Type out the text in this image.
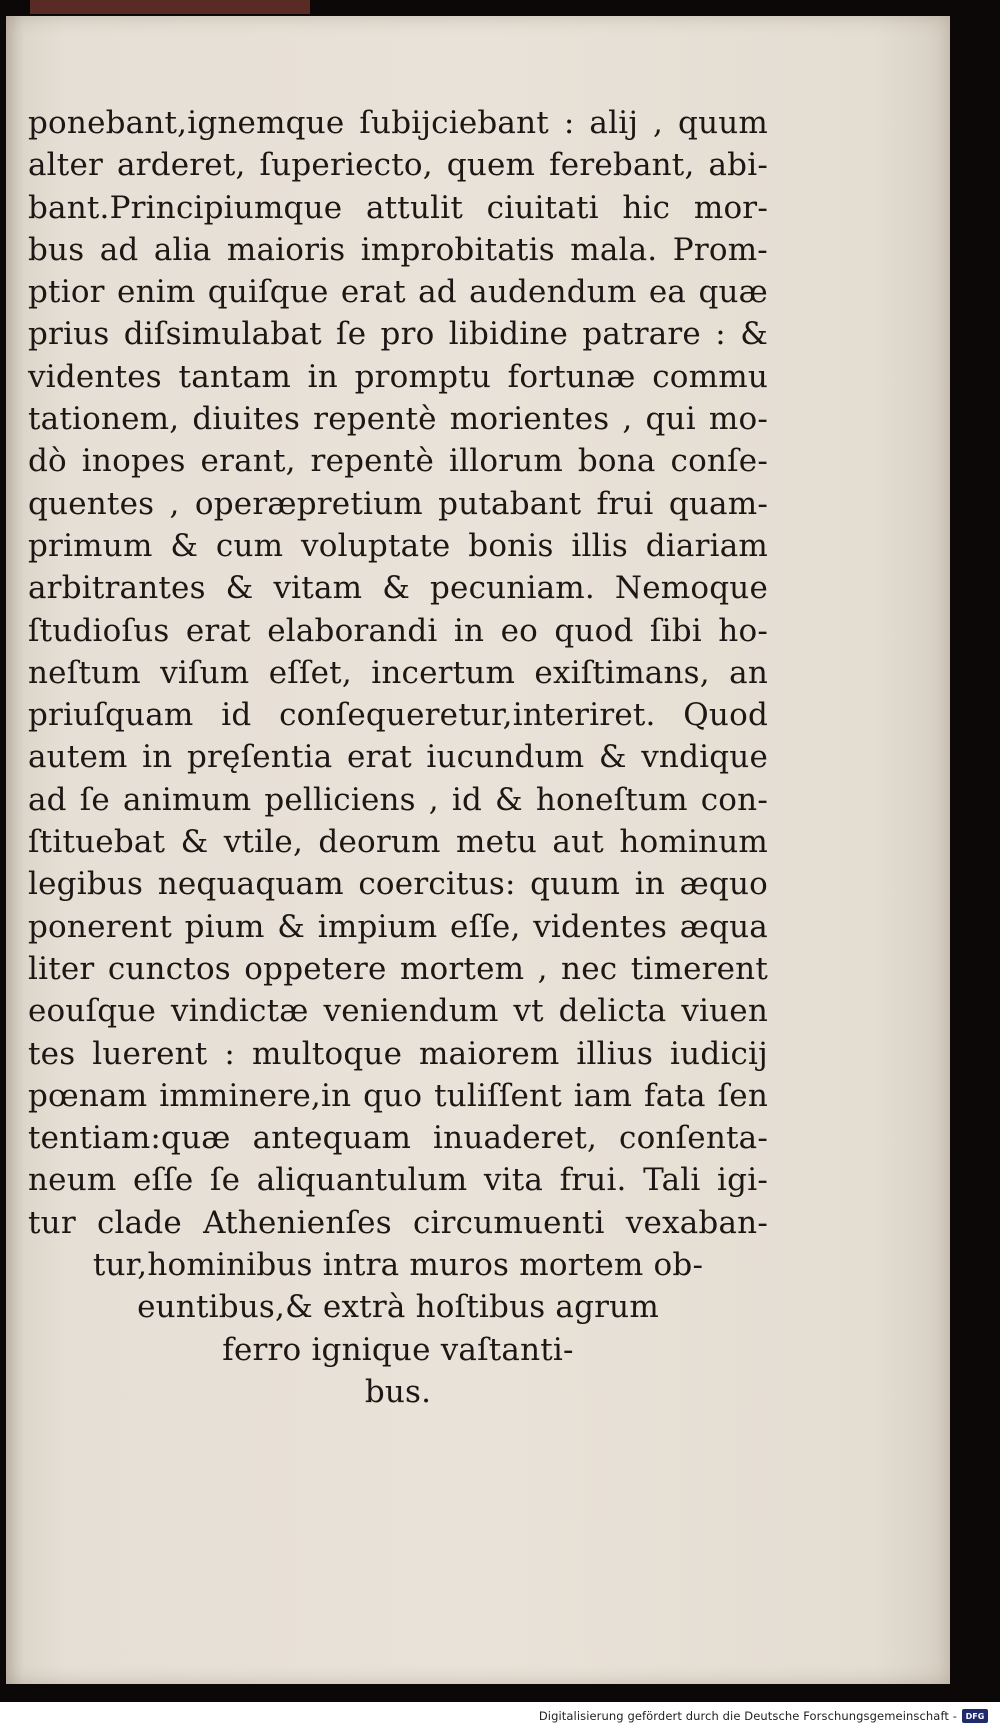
ponebant,ignemque ſubijciebant : alij , quum
alter arderet, ſuperiecto, quem ferebant, abi-
bant.Principiumque attulit ciuitati hic mor-
bus ad alia maioris improbitatis mala. Prom-
ptior enim quiſque erat ad audendum ea quæ
prius diſsimulabat ſe pro libidine patrare : &
videntes tantam in promptu fortunæ commu
tationem, diuites repentè morientes , qui mo-
dò inopes erant, repentè illorum bona conſe-
quentes , operæpretium putabant frui quam-
primum & cum voluptate bonis illis diariam
arbitrantes & vitam & pecuniam. Nemoque
ſtudioſus erat elaborandi in eo quod ſibi ho-
neſtum viſum eſſet, incertum exiſtimans, an
priuſquam id conſequeretur,interiret. Quod
autem in pręſentia erat iucundum & vndique
ad ſe animum pelliciens , id & honeſtum con-
ſtituebat & vtile, deorum metu aut hominum
legibus nequaquam coercitus: quum in æquo
ponerent pium & impium eſſe, videntes æqua
liter cunctos oppetere mortem , nec timerent
eouſque vindictæ veniendum vt delicta viuen
tes luerent : multoque maiorem illius iudicij
pœnam imminere,in quo tuliſſent iam fata ſen
tentiam:quæ antequam inuaderet, conſenta-
neum eſſe ſe aliquantulum vita frui. Tali igi-
tur clade Athenienſes circumuenti vexaban-
tur,hominibus intra muros mortem ob-
euntibus,& extrà hoſtibus agrum
ferro ignique vaſtanti-
bus.
Digitalisierung gefördert durch die Deutsche Forschungsgemeinschaft -	DFG
